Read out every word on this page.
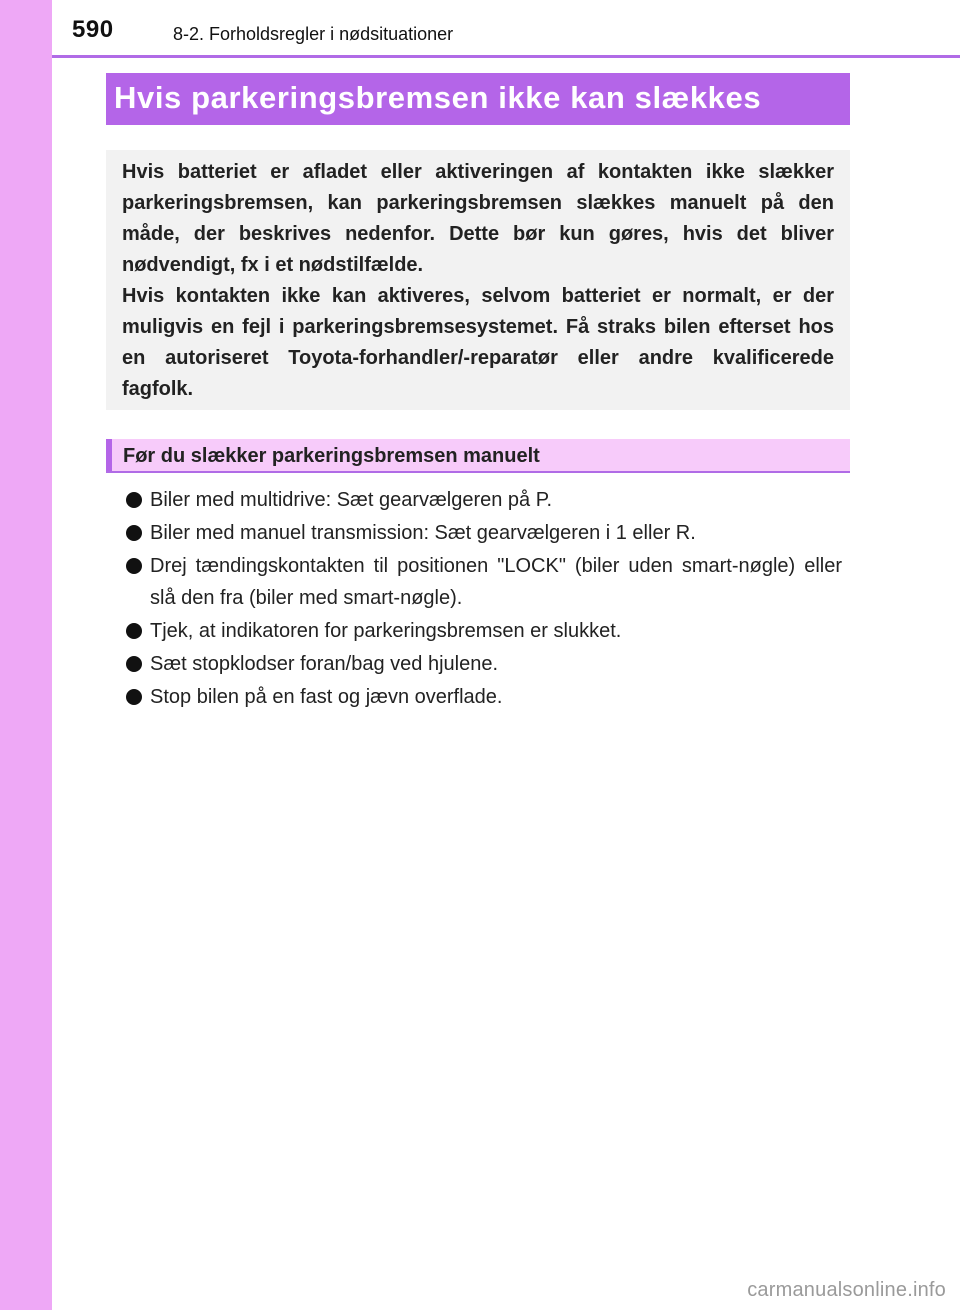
590	8-2. Forholdsregler i nødsituationer
Hvis parkeringsbremsen ikke kan slækkes

Hvis batteriet er afladet eller aktiveringen af kontakten ikke slækker parkeringsbremsen, kan parkeringsbremsen slækkes manuelt på den måde, der beskrives nedenfor. Dette bør kun gøres, hvis det bliver nødvendigt, fx i et nødstilfælde.

Hvis kontakten ikke kan aktiveres, selvom batteriet er normalt, er der muligvis en fejl i parkeringsbremsesystemet. Få straks bilen efterset hos en autoriseret Toyota-forhandler/-reparatør eller andre kvalificerede fagfolk.

Før du slækker parkeringsbremsen manuelt
Biler med multidrive: Sæt gearvælgeren på P.
Biler med manuel transmission: Sæt gearvælgeren i 1 eller R.
Drej tændingskontakten til positionen "LOCK" (biler uden smart-nøgle) eller slå den fra (biler med smart-nøgle).
Tjek, at indikatoren for parkeringsbremsen er slukket.
Sæt stopklodser foran/bag ved hjulene.
Stop bilen på en fast og jævn overflade.
carmanualsonline.info
